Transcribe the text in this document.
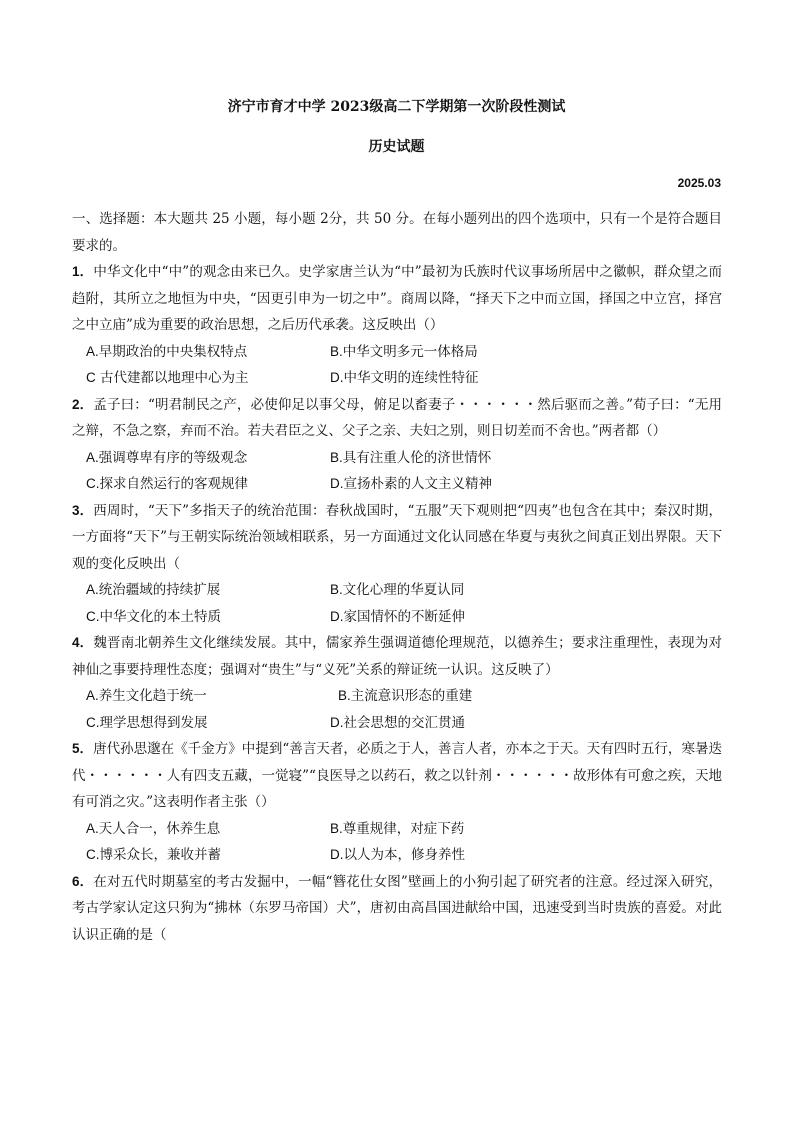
济宁市育才中学 2023级高二下学期第一次阶段性测试
历史试题
2025.03

一、选择题：本大题共 25 小题，每小题 2分，共 50 分。在每小题列出的四个选项中，只有一个是符合题目要求的。

1．中华文化中“中”的观念由来已久。史学家唐兰认为“中”最初为氏族时代议事场所居中之徽帜，群众望之而趋附，其所立之地恒为中央，“因更引申为一切之中”。商周以降，“择天下之中而立国，择国之中立宫，择宫之中立庙”成为重要的政治思想，之后历代承袭。这反映出（）

A.早期政治的中央集权特点	B.中华文明多元一体格局
C 古代建都以地理中心为主	D.中华文明的连续性特征

2．孟子曰：“明君制民之产，必使仰足以事父母，俯足以畜妻子・・・・・・然后驱而之善。”荀子曰：“无用之辩，不急之察，弃而不治。若夫君臣之义、父子之亲、夫妇之别，则日切差而不舍也。”两者都（）

A.强调尊卑有序的等级观念	B.具有注重人伦的济世情怀
C.探求自然运行的客观规律	D.宣扬朴素的人文主义精神

3．西周时，“天下”多指天子的统治范围：春秋战国时，“五服”天下观则把“四夷”也包含在其中；秦汉时期，一方面将“天下”与王朝实际统治领域相联系，另一方面通过文化认同感在华夏与夷狄之间真正划出界限。天下观的变化反映出（

A.统治疆域的持续扩展	B.文化心理的华夏认同
C.中华文化的本土特质	D.家国情怀的不断延伸

4．魏晋南北朝养生文化继续发展。其中，儒家养生强调道德伦理规范，以德养生；要求注重理性，表现为对神仙之事要持理性态度；强调对“贵生”与“义死”关系的辩证统一认识。这反映了）

A.养生文化趋于统一	B.主流意识形态的重建
C.理学思想得到发展	D.社会思想的交汇贯通

5．唐代孙思邈在《千金方》中提到“善言天者，必质之于人，善言人者，亦本之于天。天有四时五行，寒暑迭代・・・・・・人有四支五藏，一觉寝”“良医导之以药石，救之以针剂・・・・・・故形体有可愈之疾，天地有可消之灾。”这表明作者主张（）

A.天人合一，休养生息	B.尊重规律，对症下药
C.博采众长，兼收并蓄	D.以人为本，修身养性

6．在对五代时期墓室的考古发掘中，一幅“簪花仕女图”壁画上的小狗引起了研究者的注意。经过深入研究，考古学家认定这只狗为“拂林（东罗马帝国）犬”，唐初由高昌国进献给中国，迅速受到当时贵族的喜爱。对此认识正确的是（
